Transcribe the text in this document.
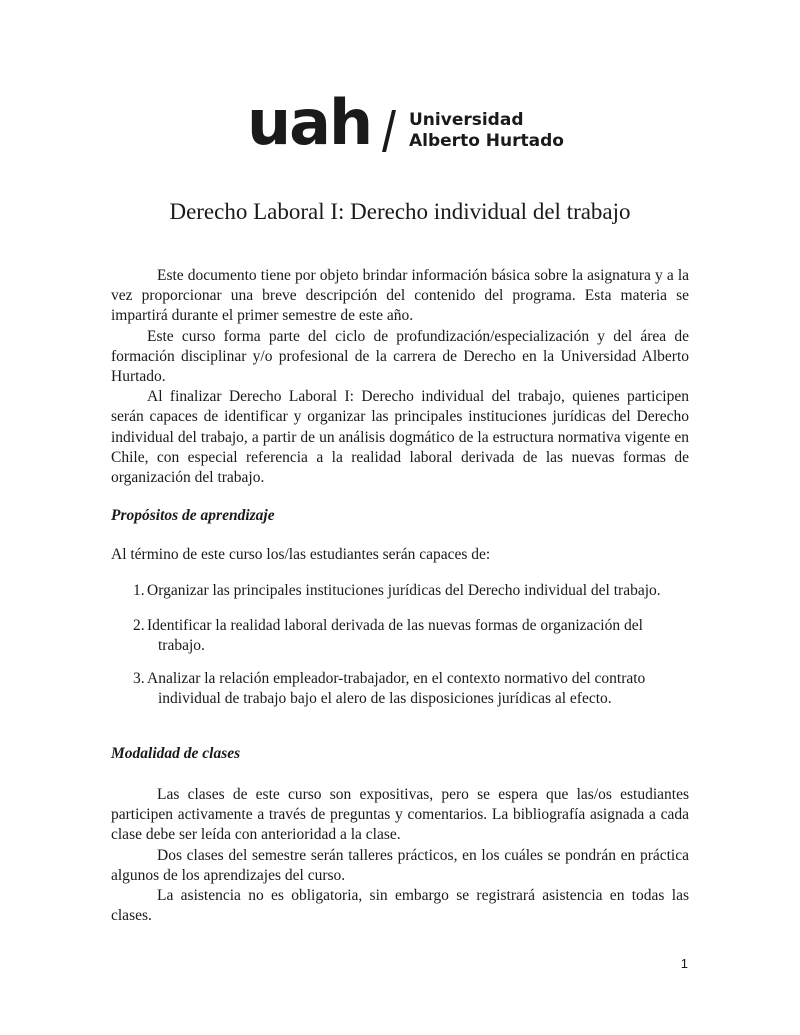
uah Universidad
Alberto Hurtado
Derecho Laboral I: Derecho individual del trabajo

Este documento tiene por objeto brindar información básica sobre la asignatura y a la vez proporcionar una breve descripción del contenido del programa. Esta materia se impartirá durante el primer semestre de este año.

Este curso forma parte del ciclo de profundización/especialización y del área de formación disciplinar y/o profesional de la carrera de Derecho en la Universidad Alberto Hurtado.

Al finalizar Derecho Laboral I: Derecho individual del trabajo, quienes participen serán capaces de identificar y organizar las principales instituciones jurídicas del Derecho individual del trabajo, a partir de un análisis dogmático de la estructura normativa vigente en Chile, con especial referencia a la realidad laboral derivada de las nuevas formas de organización del trabajo.

Propósitos de aprendizaje
Al término de este curso los/las estudiantes serán capaces de:
1. Organizar las principales instituciones jurídicas del Derecho individual del trabajo.
2. Identificar la realidad laboral derivada de las nuevas formas de organización del
trabajo.
3. Analizar la relación empleador-trabajador, en el contexto normativo del contrato
individual de trabajo bajo el alero de las disposiciones jurídicas al efecto.
Modalidad de clases

Las clases de este curso son expositivas, pero se espera que las/os estudiantes participen activamente a través de preguntas y comentarios. La bibliografía asignada a cada clase debe ser leída con anterioridad a la clase.

Dos clases del semestre serán talleres prácticos, en los cuáles se pondrán en práctica algunos de los aprendizajes del curso.

La asistencia no es obligatoria, sin embargo se registrará asistencia en todas las clases.

1
